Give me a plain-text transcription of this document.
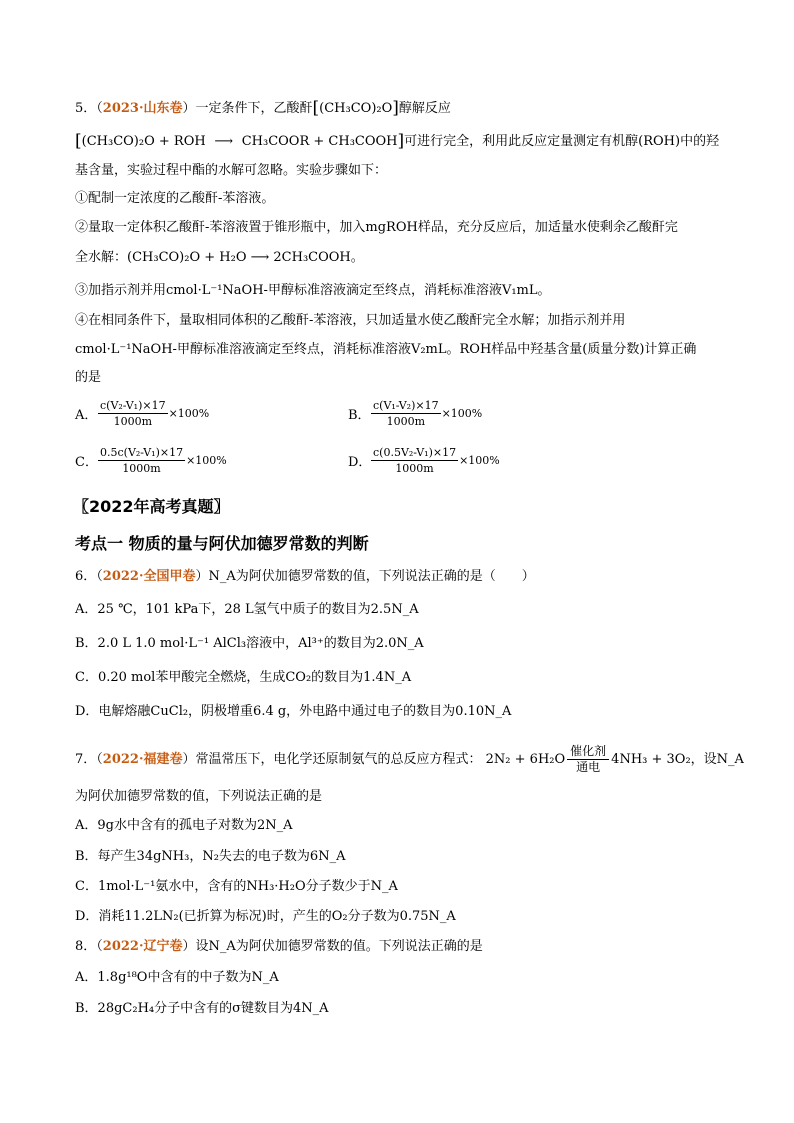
5．（2023·山东卷）一定条件下，乙酸酐[(CH₃CO)₂O]醇解反应
[(CH₃CO)₂O + ROH ⟶ CH₃COOR + CH₃COOH]可进行完全，利用此反应定量测定有机醇(ROH)中的羟
基含量，实验过程中酯的水解可忽略。实验步骤如下：
①配制一定浓度的乙酸酐-苯溶液。
②量取一定体积乙酸酐-苯溶液置于锥形瓶中，加入mgROH样品，充分反应后，加适量水使剩余乙酸酐完
全水解：(CH₃CO)₂O + H₂O ⟶ 2CH₃COOH。
③加指示剂并用cmol·L⁻¹NaOH-甲醇标准溶液滴定至终点，消耗标准溶液V₁mL。
④在相同条件下，量取相同体积的乙酸酐-苯溶液，只加适量水使乙酸酐完全水解；加指示剂并用
cmol·L⁻¹NaOH-甲醇标准溶液滴定至终点，消耗标准溶液V₂mL。ROH样品中羟基含量(质量分数)计算正确
的是
A． $\frac{\text{c(V₂-V₁)×17}}{1000m} \times 100\%$	B． $\frac{\text{c(V₁-V₂)×17}}{1000m} \times 100\%$
C． $\frac{\text{0.5c(V₂-V₁)×17}}{1000m} \times 100\%$	D． $\frac{\text{c(0.5V₂-V₁)×17}}{1000m} \times 100\%$
〖2022年高考真题〗
考点一 物质的量与阿伏加德罗常数的判断
6．（2022·全国甲卷）N_A为阿伏加德罗常数的值，下列说法正确的是（　　）
A．25 ℃，101 kPa下，28 L氢气中质子的数目为2.5N_A
B．2.0 L 1.0 mol·L⁻¹ AlCl₃溶液中，Al³⁺的数目为2.0N_A
C．0.20 mol苯甲酸完全燃烧，生成CO₂的数目为1.4N_A
D．电解熔融CuCl₂，阴极增重6.4 g，外电路中通过电子的数目为0.10N_A
7．（2022·福建卷）常温常压下，电化学还原制氨气的总反应方程式： 2N₂ + 6H₂O
催化剂
通电 4NH₃ + 3O₂，设N_A
为阿伏加德罗常数的值，下列说法正确的是
A．9g水中含有的孤电子对数为2N_A
B．每产生34gNH₃，N₂失去的电子数为6N_A
C．1mol·L⁻¹氨水中，含有的NH₃·H₂O分子数少于N_A
D．消耗11.2LN₂(已折算为标况)时，产生的O₂分子数为0.75N_A
8．（2022·辽宁卷）设N_A为阿伏加德罗常数的值。下列说法正确的是
A．1.8g¹⁸O中含有的中子数为N_A
B．28gC₂H₄分子中含有的σ键数目为4N_A
